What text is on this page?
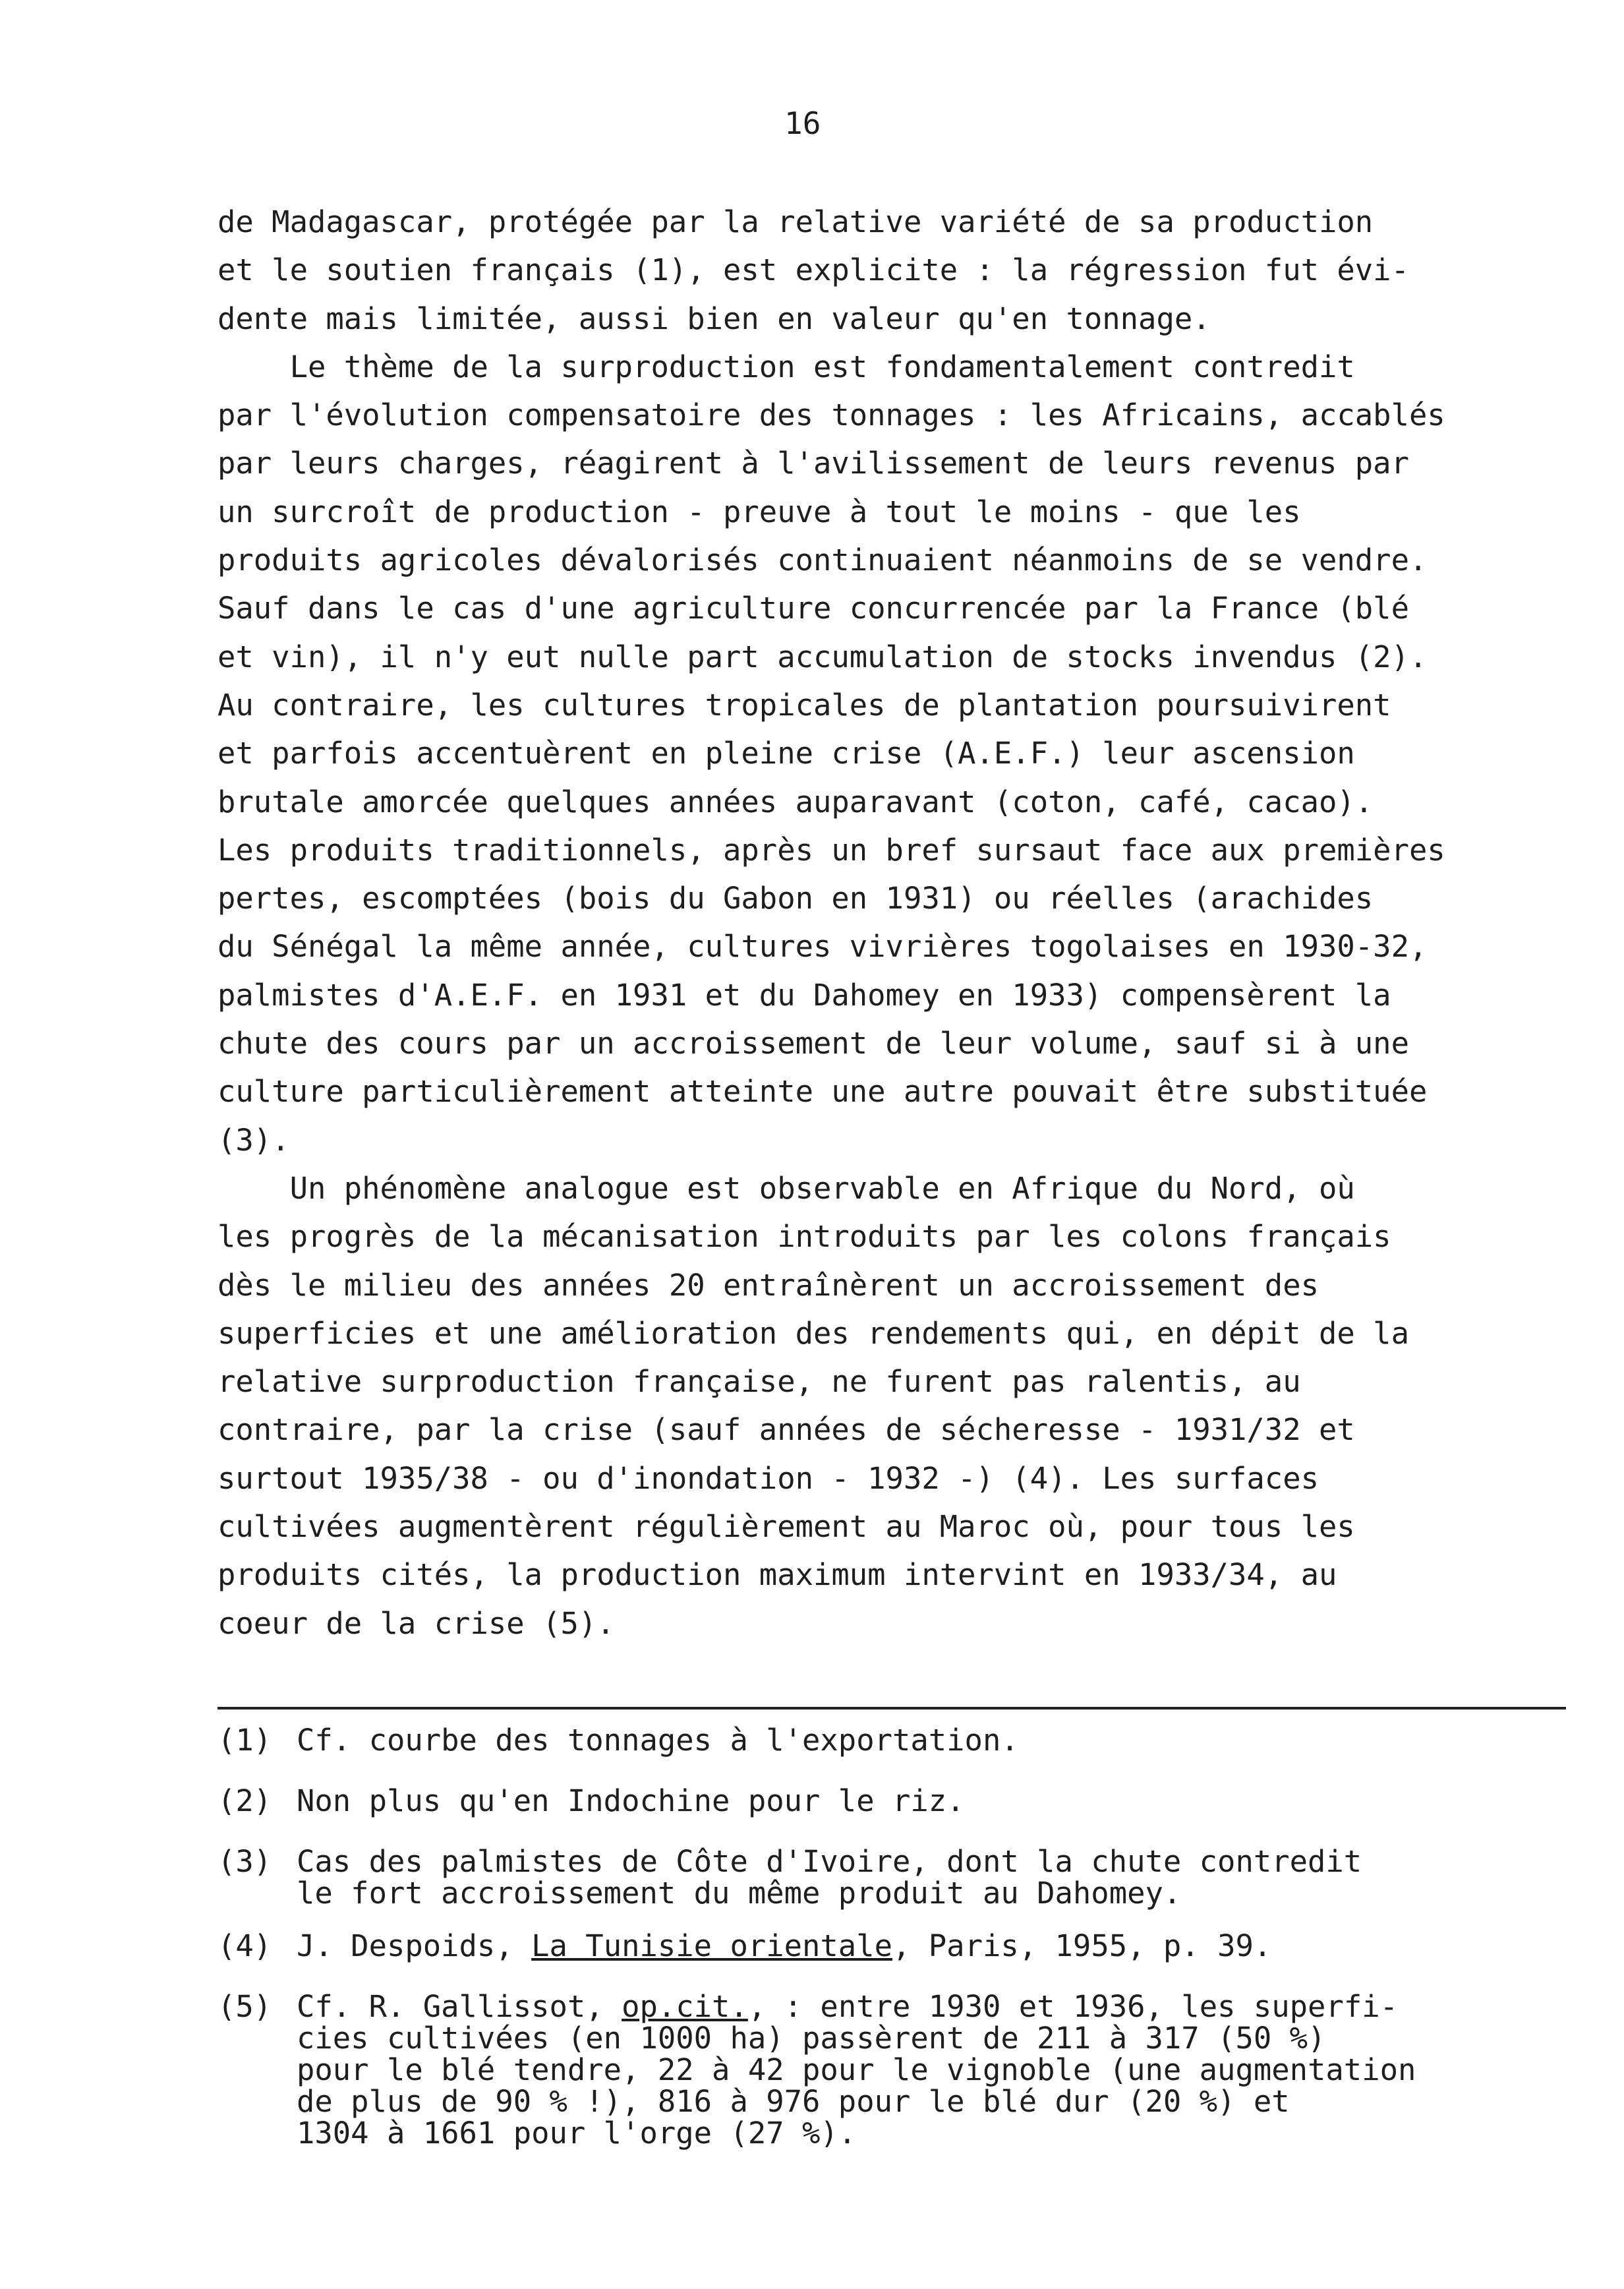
16
de Madagascar, protégée par la relative variété de sa production
et le soutien français (1), est explicite : la régression fut évi-
dente mais limitée, aussi bien en valeur qu'en tonnage.
Le thème de la surproduction est fondamentalement contredit
par l'évolution compensatoire des tonnages : les Africains, accablés
par leurs charges, réagirent à l'avilissement de leurs revenus par
un surcroît de production - preuve à tout le moins - que les
produits agricoles dévalorisés continuaient néanmoins de se vendre.
Sauf dans le cas d'une agriculture concurrencée par la France (blé
et vin), il n'y eut nulle part accumulation de stocks invendus (2).
Au contraire, les cultures tropicales de plantation poursuivirent
et parfois accentuèrent en pleine crise (A.E.F.) leur ascension
brutale amorcée quelques années auparavant (coton, café, cacao).
Les produits traditionnels, après un bref sursaut face aux premières
pertes, escomptées (bois du Gabon en 1931) ou réelles (arachides
du Sénégal la même année, cultures vivrières togolaises en 1930-32,
palmistes d'A.E.F. en 1931 et du Dahomey en 1933) compensèrent la
chute des cours par un accroissement de leur volume, sauf si à une
culture particulièrement atteinte une autre pouvait être substituée
(3).
Un phénomène analogue est observable en Afrique du Nord, où
les progrès de la mécanisation introduits par les colons français
dès le milieu des années 20 entraînèrent un accroissement des
superficies et une amélioration des rendements qui, en dépit de la
relative surproduction française, ne furent pas ralentis, au
contraire, par la crise (sauf années de sécheresse - 1931/32 et
surtout 1935/38 - ou d'inondation - 1932 -) (4). Les surfaces
cultivées augmentèrent régulièrement au Maroc où, pour tous les
produits cités, la production maximum intervint en 1933/34, au
coeur de la crise (5).
(1) Cf. courbe des tonnages à l'exportation.
(2) Non plus qu'en Indochine pour le riz.
(3) Cas des palmistes de Côte d'Ivoire, dont la chute contredit
le fort accroissement du même produit au Dahomey.
(4) J. Despoids, La Tunisie orientale, Paris, 1955, p. 39.
(5) Cf. R. Gallissot, op.cit., : entre 1930 et 1936, les superfi-
cies cultivées (en 1000 ha) passèrent de 211 à 317 (50 %)
pour le blé tendre, 22 à 42 pour le vignoble (une augmentation
de plus de 90 % !), 816 à 976 pour le blé dur (20 %) et
1304 à 1661 pour l'orge (27 %).
